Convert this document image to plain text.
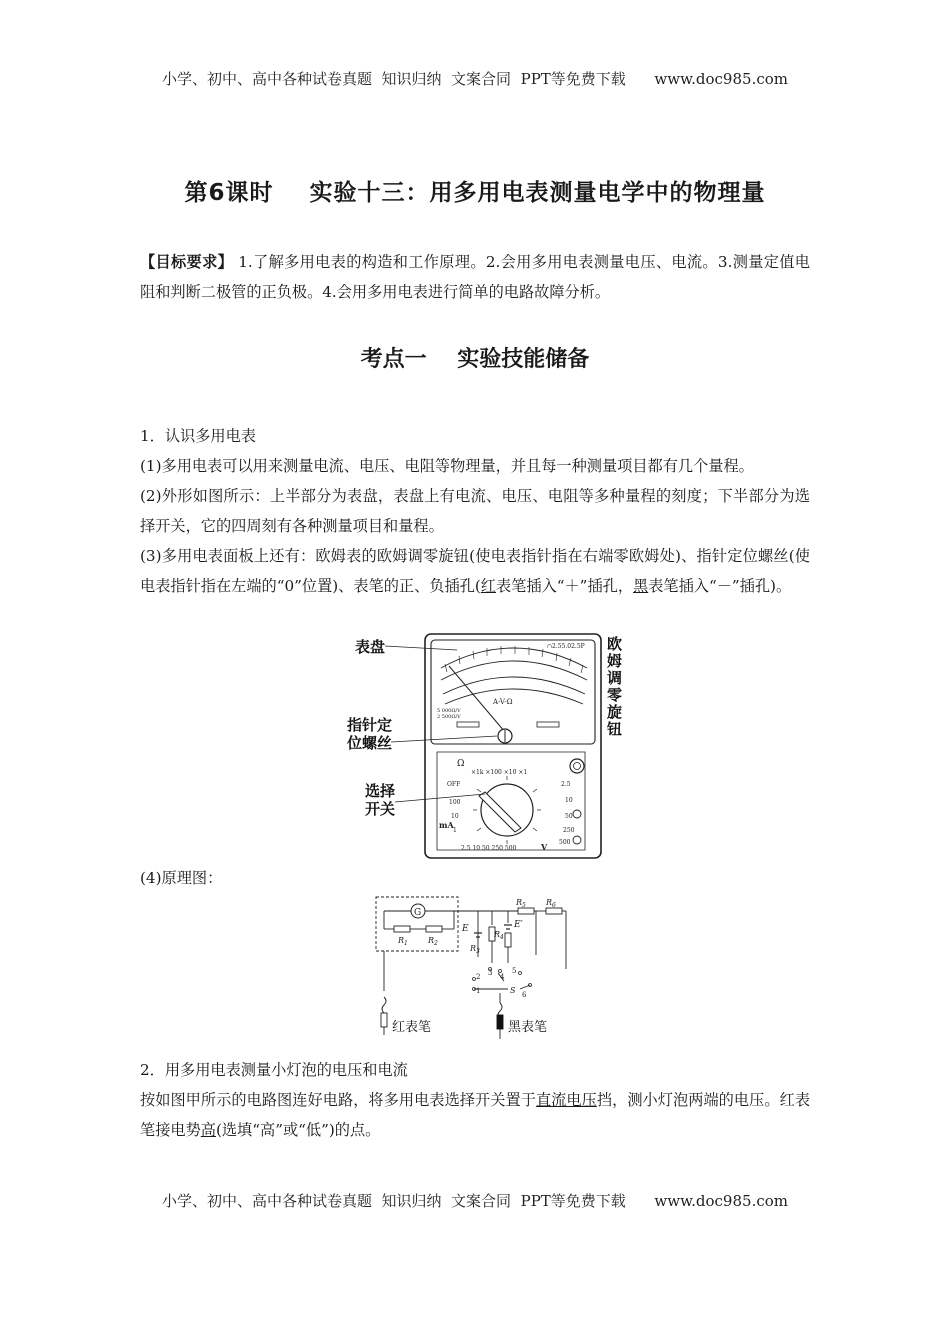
小学、初中、高中各种试卷真题  知识归纳  文案合同  PPT等免费下载      www.doc985.com
第6课时    实验十三：用多用电表测量电学中的物理量
【目标要求】 1.了解多用电表的构造和工作原理。2.会用多用电表测量电压、电流。3.测量定值电阻和判断二极管的正负极。4.会用多用电表进行简单的电路故障分析。
考点一    实验技能储备
1．认识多用电表
(1)多用电表可以用来测量电流、电压、电阻等物理量，并且每一种测量项目都有几个量程。
(2)外形如图所示：上半部分为表盘，表盘上有电流、电压、电阻等多种量程的刻度；下半部分为选择开关，它的四周刻有各种测量项目和量程。
(3)多用电表面板上还有：欧姆表的欧姆调零旋钮(使电表指针指在右端零欧姆处)、指针定位螺丝(使电表指针指在左端的“0”位置)、表笔的正、负插孔(红表笔插入“＋”插孔，黑表笔插入“－”插孔)。
∩2.55.02.5P
A-V-Ω
5 000Ω/V
2 500Ω/V
Ω
×1k ×100 ×10 ×1
OFF
100
10
1
mA
2.5
10
50
250
500
2.5 10 50 250 500	V
表盘
指针定
位螺丝
选择
开关
欧
姆
调
零
旋
钮
(4)原理图：
G
$R_1$	$R_2$
$R_5$	$R_6$
E	E′
$R_4$
$R_3$
2
1
3 4
5
6
S
红表笔	黑表笔
2．用多用电表测量小灯泡的电压和电流
按如图甲所示的电路图连好电路，将多用电表选择开关置于直流电压挡，测小灯泡两端的电压。红表笔接电势高(选填“高”或“低”)的点。
小学、初中、高中各种试卷真题  知识归纳  文案合同  PPT等免费下载      www.doc985.com
